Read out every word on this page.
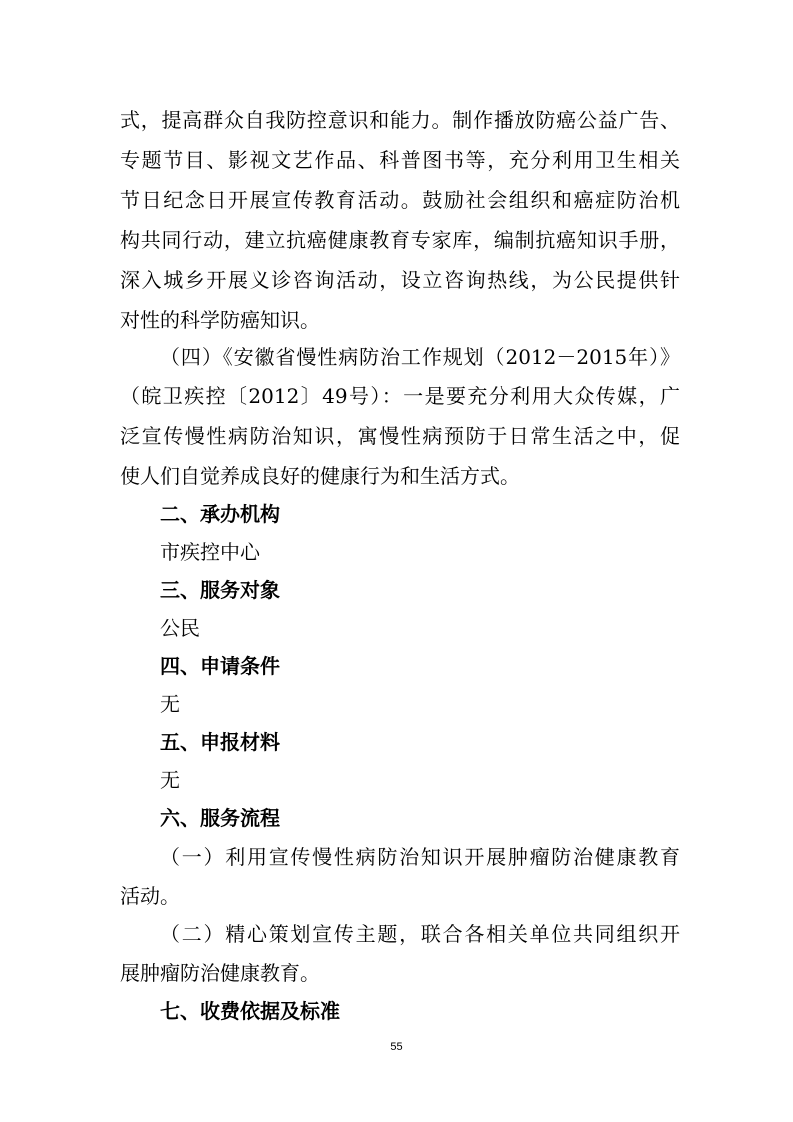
式，提高群众自我防控意识和能力。制作播放防癌公益广告、
专题节目、影视文艺作品、科普图书等，充分利用卫生相关
节日纪念日开展宣传教育活动。鼓励社会组织和癌症防治机
构共同行动，建立抗癌健康教育专家库，编制抗癌知识手册，
深入城乡开展义诊咨询活动，设立咨询热线，为公民提供针
对性的科学防癌知识。
（四）《安徽省慢性病防治工作规划（2012－2015年）》
（皖卫疾控〔2012〕49号）：一是要充分利用大众传媒，广
泛宣传慢性病防治知识，寓慢性病预防于日常生活之中，促
使人们自觉养成良好的健康行为和生活方式。
二、承办机构
市疾控中心
三、服务对象
公民
四、申请条件
无
五、申报材料
无
六、服务流程
（一）利用宣传慢性病防治知识开展肿瘤防治健康教育
活动。
（二）精心策划宣传主题，联合各相关单位共同组织开
展肿瘤防治健康教育。
七、收费依据及标准
55
